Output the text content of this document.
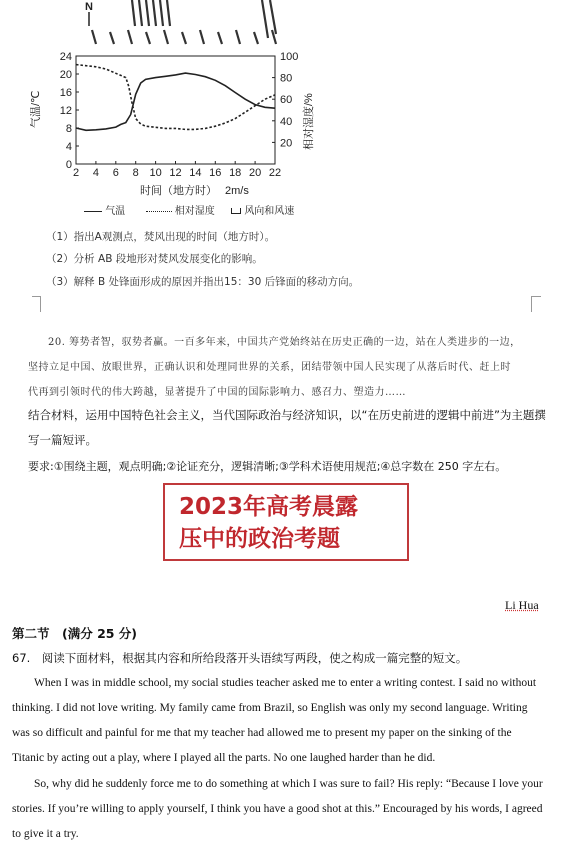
N
2 4 6 8 10 12 14 16 18 20 22
0
4
8
12
16
20
24
20
40
60
80
100
时间（地方时）
气温/℃	相对湿度/%
2m/s
气温	相对湿度	风向和风速
（1）指出A观测点，焚风出现的时间（地方时）。
（2）分析 AB 段地形对焚风发展变化的影响。
（3）解释 B 处锋面形成的原因并指出15：30 后锋面的移动方向。
20. 筹势者智，驭势者赢。一百多年来，中国共产党始终站在历史正确的一边，站在人类进步的一边，
坚持立足中国、放眼世界，正确认识和处理同世界的关系，团结带领中国人民实现了从落后时代、赶上时
代再到引领时代的伟大跨越，显著提升了中国的国际影响力、感召力、塑造力……
结合材料，运用中国特色社会主义，当代国际政治与经济知识，以“在历史前进的逻辑中前进”为主题撰
写一篇短评。
要求:①围绕主题，观点明确;②论证充分，逻辑清晰;③学科术语使用规范;④总字数在 250 字左右。
2023年高考晨露
压中的政治考题
Li Hua
第二节　(满分 25 分)
67.　阅读下面材料，根据其内容和所给段落开头语续写两段，使之构成一篇完整的短文。
When I was in middle school, my social studies teacher asked me to enter a writing contest. I said no without
thinking. I did not love writing. My family came from Brazil, so English was only my second language. Writing
was so difficult and painful for me that my teacher had allowed me to present my paper on the sinking of the
Titanic by acting out a play, where I played all the parts. No one laughed harder than he did.
So, why did he suddenly force me to do something at which I was sure to fail? His reply: “Because I love your
stories. If you’re willing to apply yourself, I think you have a good shot at this.” Encouraged by his words, I agreed
to give it a try.
